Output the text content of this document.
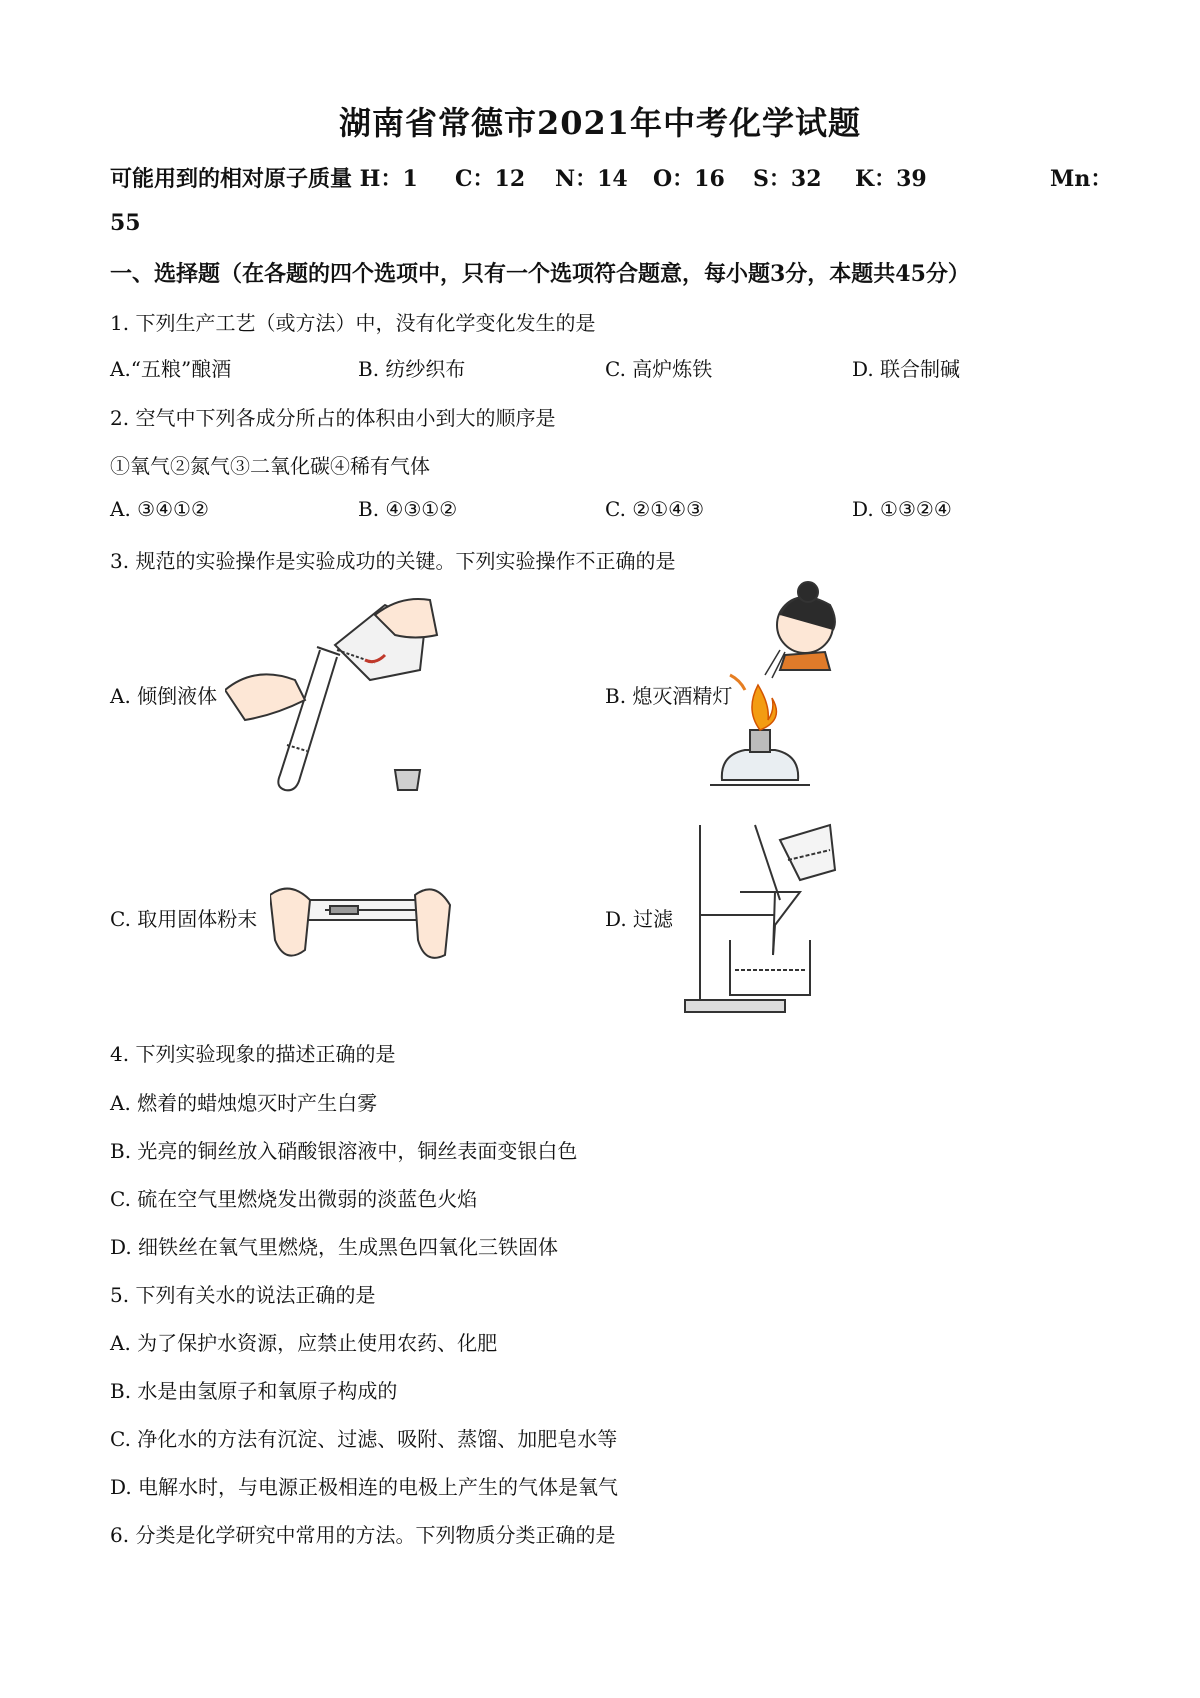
湖南省常德市2021年中考化学试题
可能用到的相对原子质量 H：1 C：12 N：14 O：16 S：32 K：39	Mn：
55
一、选择题（在各题的四个选项中，只有一个选项符合题意，每小题3分，本题共45分）
1. 下列生产工艺（或方法）中，没有化学变化发生的是
A.“五粮”酿酒	B. 纺纱织布	C. 高炉炼铁	D. 联合制碱
2. 空气中下列各成分所占的体积由小到大的顺序是
①氧气②氮气③二氧化碳④稀有气体
A. ③④①②	B. ④③①②	C. ②①④③	D. ①③②④
3. 规范的实验操作是实验成功的关键。下列实验操作不正确的是
A. 倾倒液体	B. 熄灭酒精灯
C. 取用固体粉末	D. 过滤
4. 下列实验现象的描述正确的是
A. 燃着的蜡烛熄灭时产生白雾
B. 光亮的铜丝放入硝酸银溶液中，铜丝表面变银白色
C. 硫在空气里燃烧发出微弱的淡蓝色火焰
D. 细铁丝在氧气里燃烧，生成黑色四氧化三铁固体
5. 下列有关水的说法正确的是
A. 为了保护水资源，应禁止使用农药、化肥
B. 水是由氢原子和氧原子构成的
C. 净化水的方法有沉淀、过滤、吸附、蒸馏、加肥皂水等
D. 电解水时，与电源正极相连的电极上产生的气体是氧气
6. 分类是化学研究中常用的方法。下列物质分类正确的是
